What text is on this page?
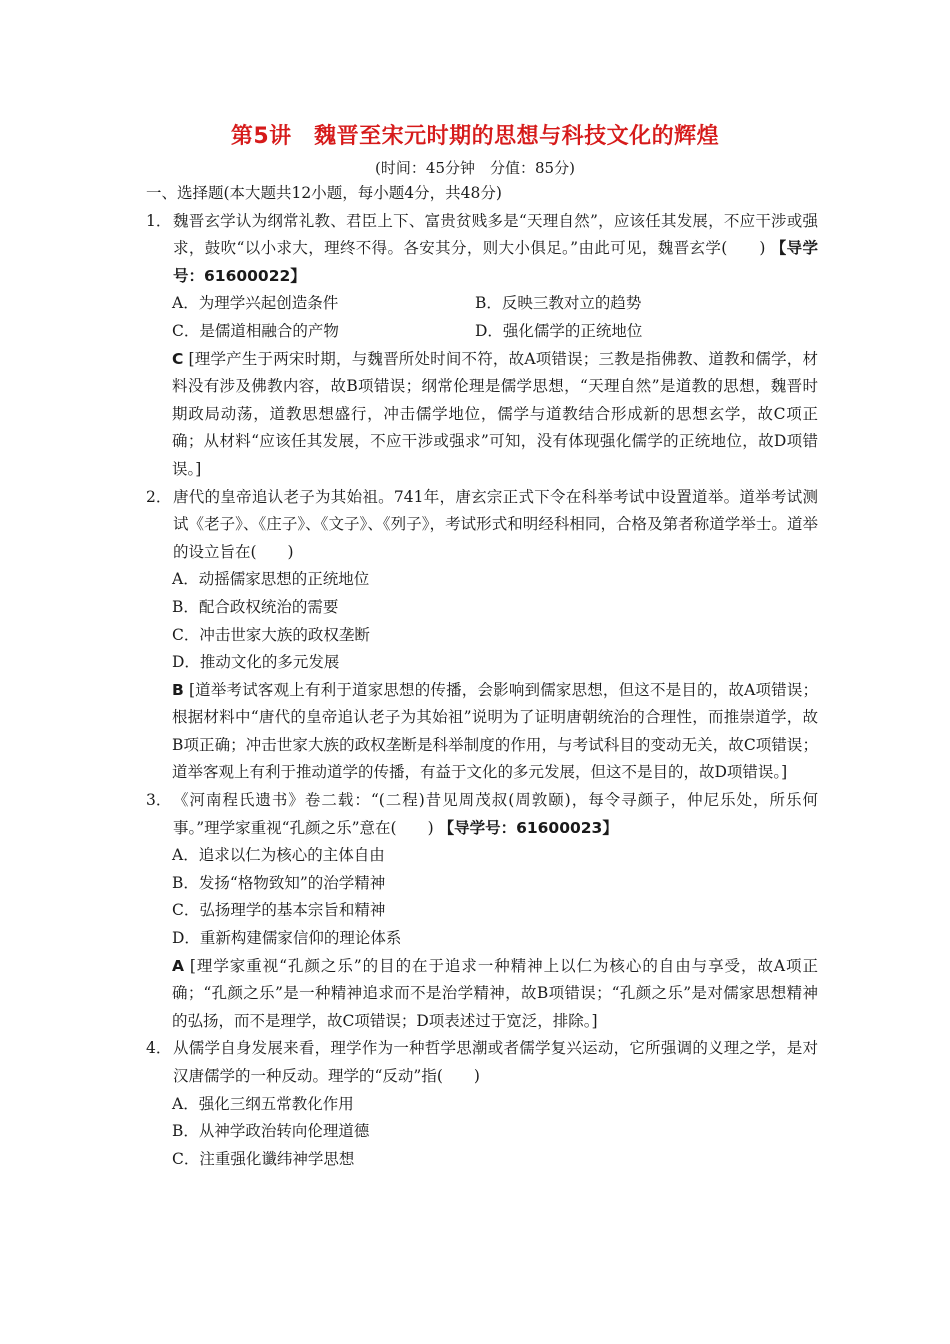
第5讲　魏晋至宋元时期的思想与科技文化的辉煌
(时间：45分钟　分值：85分)
一、选择题(本大题共12小题，每小题4分，共48分)
1． 魏晋玄学认为纲常礼教、君臣上下、富贵贫贱多是“天理自然”，应该任其发展，不应干涉或强求，鼓吹“以小求大，理终不得。各安其分，则大小俱足。”由此可见，魏晋玄学(　　) 【导学号：61600022】
A．为理学兴起创造条件	B．反映三教对立的趋势
C．是儒道相融合的产物	D．强化儒学的正统地位
C [理学产生于两宋时期，与魏晋所处时间不符，故A项错误；三教是指佛教、道教和儒学，材料没有涉及佛教内容，故B项错误；纲常伦理是儒学思想，“天理自然”是道教的思想，魏晋时期政局动荡，道教思想盛行，冲击儒学地位，儒学与道教结合形成新的思想玄学，故C项正确；从材料“应该任其发展，不应干涉或强求”可知，没有体现强化儒学的正统地位，故D项错误。]
2． 唐代的皇帝追认老子为其始祖。741年，唐玄宗正式下令在科举考试中设置道举。道举考试测试《老子》、《庄子》、《文子》、《列子》，考试形式和明经科相同，合格及第者称道学举士。道举的设立旨在(　　)
A．动摇儒家思想的正统地位
B．配合政权统治的需要
C．冲击世家大族的政权垄断
D．推动文化的多元发展
B [道举考试客观上有利于道家思想的传播，会影响到儒家思想，但这不是目的，故A项错误；根据材料中“唐代的皇帝追认老子为其始祖”说明为了证明唐朝统治的合理性，而推崇道学，故B项正确；冲击世家大族的政权垄断是科举制度的作用，与考试科目的变动无关，故C项错误；道举客观上有利于推动道学的传播，有益于文化的多元发展，但这不是目的，故D项错误。]
3． 《河南程氏遗书》卷二载：“(二程)昔见周茂叔(周敦颐)，每令寻颜子，仲尼乐处，所乐何事。”理学家重视“孔颜之乐”意在(　　) 【导学号：61600023】
A．追求以仁为核心的主体自由
B．发扬“格物致知”的治学精神
C．弘扬理学的基本宗旨和精神
D．重新构建儒家信仰的理论体系
A [理学家重视“孔颜之乐”的目的在于追求一种精神上以仁为核心的自由与享受，故A项正确；“孔颜之乐”是一种精神追求而不是治学精神，故B项错误；“孔颜之乐”是对儒家思想精神的弘扬，而不是理学，故C项错误；D项表述过于宽泛，排除。]
4． 从儒学自身发展来看，理学作为一种哲学思潮或者儒学复兴运动，它所强调的义理之学，是对汉唐儒学的一种反动。理学的“反动”指(　　)
A．强化三纲五常教化作用
B．从神学政治转向伦理道德
C．注重强化谶纬神学思想
